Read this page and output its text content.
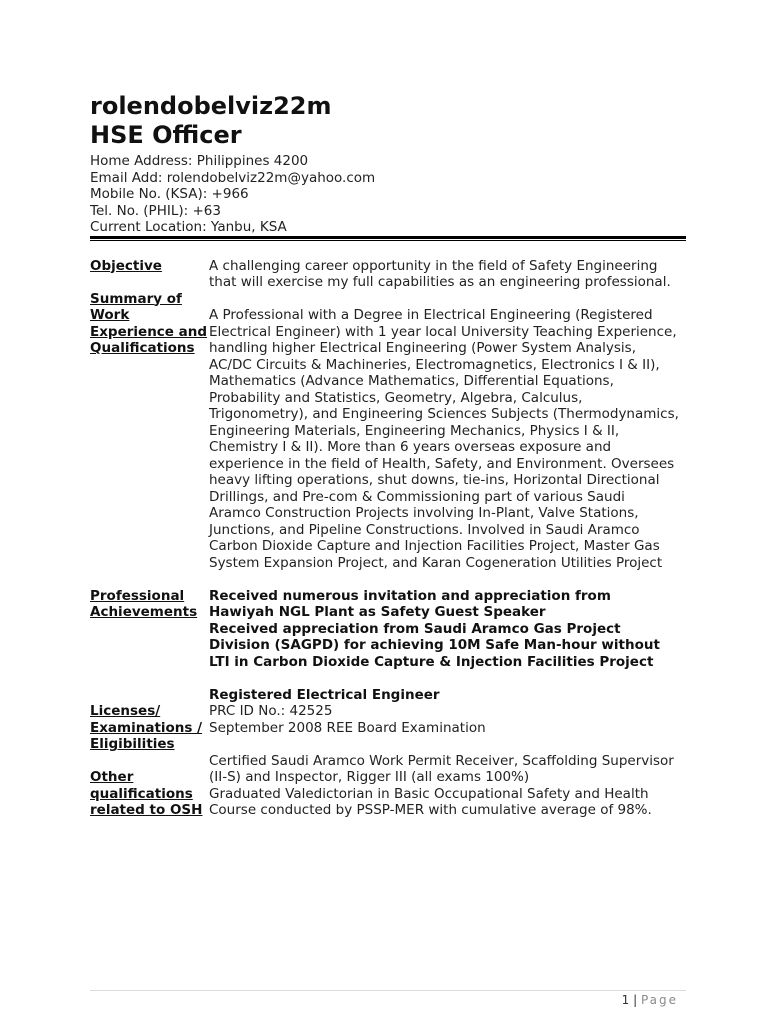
rolendobelviz22m
HSE Officer
Home Address: Philippines 4200
Email Add: rolendobelviz22m@yahoo.com
Mobile No. (KSA): +966
Tel. No. (PHIL): +63
Current Location: Yanbu, KSA
Objective	A challenging career opportunity in the field of Safety Engineering that will exercise my full capabilities as an engineering professional.

Summary of Work Experience and Qualifications

A Professional with a Degree in Electrical Engineering (Registered Electrical Engineer) with 1 year local University Teaching Experience, handling higher Electrical Engineering (Power System Analysis, AC/DC Circuits & Machineries, Electromagnetics, Electronics I & II), Mathematics (Advance Mathematics, Differential Equations, Probability and Statistics, Geometry, Algebra, Calculus, Trigonometry), and Engineering Sciences Subjects (Thermodynamics, Engineering Materials, Engineering Mechanics, Physics I & II, Chemistry I & II). More than 6 years overseas exposure and experience in the field of Health, Safety, and Environment. Oversees heavy lifting operations, shut downs, tie-ins, Horizontal Directional Drillings, and Pre-com & Commissioning part of various Saudi Aramco Construction Projects involving In-Plant, Valve Stations, Junctions, and Pipeline Constructions. Involved in Saudi Aramco Carbon Dioxide Capture and Injection Facilities Project, Master Gas System Expansion Project, and Karan Cogeneration Utilities Project

Professional Achievements

Received numerous invitation and appreciation from Hawiyah NGL Plant as Safety Guest Speaker

Received appreciation from Saudi Aramco Gas Project Division (SAGPD) for achieving 10M Safe Man-hour without LTI in Carbon Dioxide Capture & Injection Facilities Project

Licenses/ Examinations / Eligibilities
Other qualifications related to OSH

Registered Electrical Engineer

PRC ID No.: 42525

September 2008 REE Board Examination

Certified Saudi Aramco Work Permit Receiver, Scaffolding Supervisor (II-S) and Inspector, Rigger III (all exams 100%)

Graduated Valedictorian in Basic Occupational Safety and Health Course conducted by PSSP-MER with cumulative average of 98%.

1 | Page
